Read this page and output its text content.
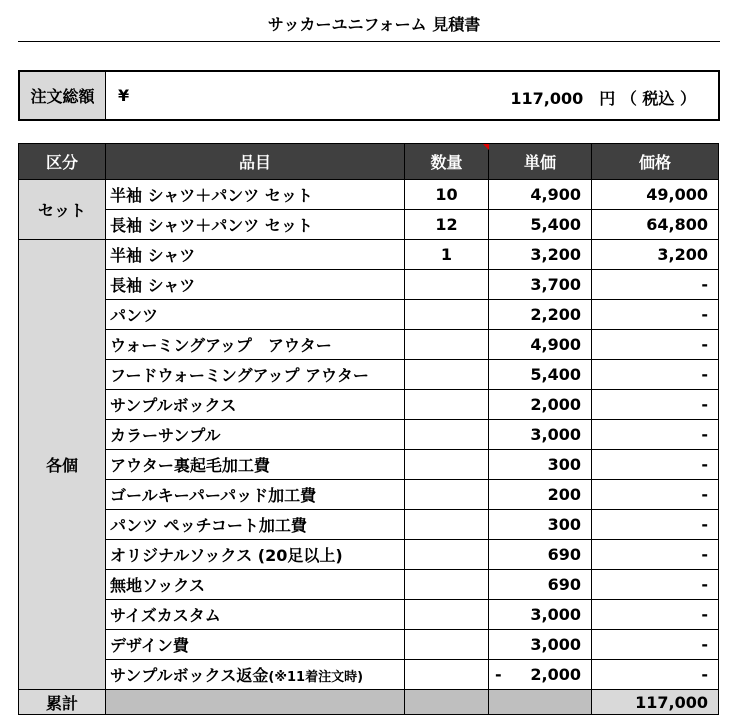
サッカーユニフォーム 見積書
注文総額	¥	117,000　円 （ 税込 ）
区分	品目	数量	単価	価格
セット	半袖 シャツ＋パンツ セット	10	4,900	49,000
	長袖 シャツ＋パンツ セット	12	5,400	64,800
各個	半袖 シャツ	1	3,200	3,200
	長袖 シャツ		3,700	-
	パンツ		2,200	-
	ウォーミングアップ　アウター		4,900	-
	フードウォーミングアップ アウター		5,400	-
	サンプルボックス		2,000	-
	カラーサンプル		3,000	-
	アウター裏起毛加工費		300	-
	ゴールキーパーパッド加工費		200	-
	パンツ ペッチコート加工費		300	-
	オリジナルソックス (20足以上)		690	-
	無地ソックス		690	-
	サイズカスタム		3,000	-
	デザイン費		3,000	-
	サンプルボックス返金(※11着注文時)		- 2,000	-
累計				117,000
